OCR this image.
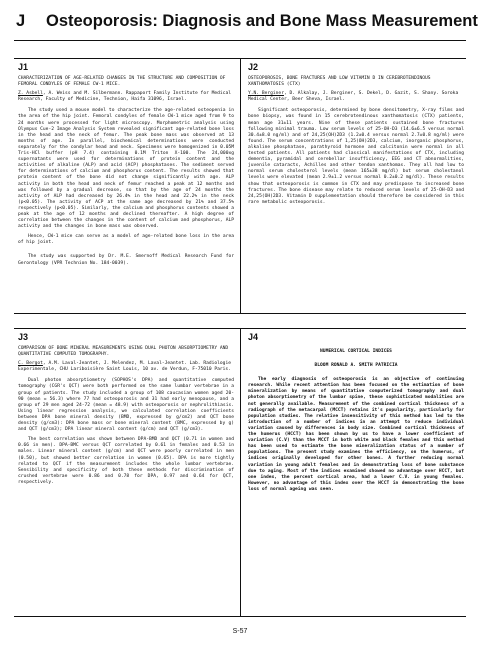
J Osteoporosis: Diagnosis and Bone Mass Measurement
J1

CHARACTERIZATION OF AGE-RELATED CHANGES IN THE STRUCTURE AND COMPOSITION OF FEMORAL CONDYLES OF FEMALE CW-1 MICE.

Z. Asbell, A. Weiss and M. Silbermann. Rappaport Family Institute for Medical Research, Faculty of Medicine, Technion, Haifa 31096, Israel.

The study used a mouse model to characterize the age-related osteopenia in the area of the hip joint. Femoral condyles of female CW-1 mice aged from 9 to 24 months were processed for light microscopy. Morphometric analysis using Olympus Cue-2 Image Analysis System revealed significant age-related bone loss in the head and the neck of femur. The peak bone mass was observed at 13 months of age. In parallel, biochemical determinations were conducted separately for the condylar head and neck. Specimens were homogenized in 0.05M Tris-HCl buffer (pH 7.4) containing 0.1M Triton X-100. The 24,000xg supernatants were used for determinations of protein content and the activities of alkaline (ALP) and acid (ACP) phosphatases. The sediment served for determinations of calcium and phosphorus content. The results showed that protein content of the bone did not change significantly with age. ALP activity in both the head and neck of femur reached a peak at 12 months and was followed by a gradual decrease, so that by the age of 24 months the activity of ALP had decreased by 26.4% in the head and 22.2% in the neck (p<0.05). The activity of ACP at the same age decreased by 21% and 37.5% respectively (p<0.05). Similarly, the calcium and phosphorus contents showed a peak at the age of 12 months and declined thereafter. A high degree of correlation between the changes in the content of calcium and phosphorus, ALP activity and the changes in bone mass was observed.

Hence, CW-1 mice can serve as a model of age-related bone loss in the area of hip joint.

The study was supported by Dr. M.E. Smernoff Medical Research Fund for Gerontology (VPR Technion No. 184-0039).

J2

OSTEOPOROSIS, BONE FRACTURES AND LOW VITAMIN D IN CEREBROTENDINOUS XANTHOMATOSIS (CTX)

Y.N. Berginer, D. Alkalay, J. Berginer, S. Dekel, D. Gazit, S. Shany. Soroka Medical Center, Beer Sheva, Israel.

Significant osteoporosis, determined by bone densitometry, X-ray films and bone biopsy, was found in 15 cerebrotendinous xanthomatosis (CTX) patients, mean age 31±11 years. Nine of these patients sustained bone fractures following minimal trauma. Low serum levels of 25-OH-D3 (14.6±6.5 versus normal 30.4±8.0 ng/ml) and of 24,25(OH)2D3 (1.2±0.4 versus normal 2.7±0.8 ng/ml) were found. The serum concentrations of 1,25(OH)2D3, calcium, inorganic phosphorus, alkaline phosphatase, parathyroid hormone and calcitonin were normal in all tested patients. All patients had classical manifestations of CTX, including dementia, pyramidal and cerebellar insufficiency, EEG and CT abnormalities, juvenile cataracts, Achilles and other tendon xanthomas. They all had low to normal serum cholesterol levels (mean 165±38 mg/dl) but serum cholestanol levels were elevated (mean 2.9±1.2 versus normal 0.2±0.2 mg/dl). These results show that osteoporosis is common in CTX and may predispose to increased bone fractures. The bone disease may relate to reduced serum levels of 25-OH-D3 and 24,25(OH)2D3. Vitamin D supplementation should therefore be considered in this rare metabolic osteoporosis.

J3

COMPARISON OF BONE MINERAL MEASUREMENTS USING DUAL PHOTON ABSORPTIOMETRY AND QUANTITATIVE COMPUTED TOMOGRAPHY.

C. Bergot, A.M. Laval-Jeantet, J. Melendez, M. Laval-Jeantet. Lab. Radiologie Experimentale, CHU Lariboisière Saint Louis, 10 av. de Verdun, F-75010 Paris.

Dual photon absorptiometry (SOPHOS's DPA) and quantitative computed tomography (CGR's QCT) were both performed on the same lumbar vertebrae in a group of patients. The study included a group of 108 caucasian women aged 20-90 (mean = 56.3) where 77 had osteoporosis and 31 had early menopause, and a group of 29 men aged 24-72 (mean = 48.9) with osteoporosis or nephrolithiasis. Using linear regression analysis, we calculated correlation coefficients between DPA bone mineral density (BMD, expressed by g/cm2) and QCT bone density (g/cm3): DPA bone mass or bone mineral content (BMC, expressed by g) and QCT (g/cm3); DPA linear mineral content (g/cm) and QCT (g/cm3).

The best correlation was shown between DPA-BMD and QCT (0.71 in women and 0.66 in men). DPA-BMC versus QCT correlated by 0.61 in females and 0.53 in males. Linear mineral content (g/cm) and QCT were poorly correlated in men (0.50), but showed better correlation in women (0.65). DPA is more tightly related to QCT if the measurement includes the whole lumbar vertebrae. Sensibility and specificity of both these methods for discrimination of crushed vertebrae were 0.86 and 0.78 for DPA, 0.97 and 0.64 for QCT, respectively.

J4

NUMERICAL CORTICAL INDICES

BLOOM RONALD A. SMITH PATRICIA

The early diagnosis of osteoporosis is an objective of continuing research. While recent attention has been focused on the estimation of bone mineralization by means of quantitative computerized tomography and dual photon absorptiometry of the lumbar spine, these sophisticated modalities are not generally available. Measurement of the combined cortical thickness of a radiograph of the metacarpal (MCCT) retains it's popularity, particularly for population studies. The relative insensitivity of this method has led to the introduction of a number of indices in an attempt to reduce individual variation caused by differences in body size. Combined cortical thickness of the humerus (HCCT) has been shown by us to have a lower coefficient of variation (C.V) than the MCCT in both white and black females and this method has been used to estimate the bone mineralization status of a number of populations. The present study examines the efficiency, on the humerus, of indices originally developed for other bones. A further reducing normal variation in young adult females and in demonstrating loss of bone substance due to aging. Most of the indices examined showed no advantage over HCCT, but one index, the percent cortical area, had a lower C.V. in young females. However, no advantage of this index over the HCCT in demonstrating the bone loss of normal ageing was seen.

S-57
